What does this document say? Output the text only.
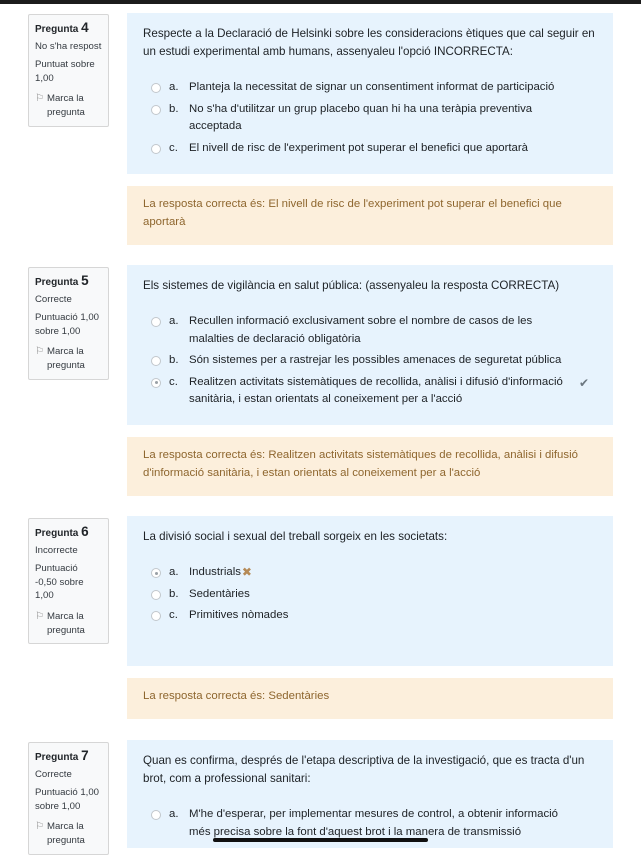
Pregunta 4
No s'ha respost
Puntuat sobre 1,00
⚐ Marca la pregunta

Respecte a la Declaració de Helsinki sobre les consideracions ètiques que cal seguir en un estudi experimental amb humans, assenyaleu l'opció INCORRECTA:

a. Planteja la necessitat de signar un consentiment informat de participació
b. No s'ha d'utilitzar un grup placebo quan hi ha una teràpia preventiva acceptada
c. El nivell de risc de l'experiment pot superar el benefici que aportarà
La resposta correcta és: El nivell de risc de l'experiment pot superar el benefici que aportarà
Pregunta 5
Correcte
Puntuació 1,00 sobre 1,00
⚐ Marca la pregunta

Els sistemes de vigilància en salut pública: (assenyaleu la resposta CORRECTA)

a. Recullen informació exclusivament sobre el nombre de casos de les malalties de declaració obligatòria
b. Són sistemes per a rastrejar les possibles amenaces de seguretat pública
c. Realitzen activitats sistemàtiques de recollida, anàlisi i difusió d'informació sanitària, i estan orientats al coneixement per a l'acció
✔
La resposta correcta és: Realitzen activitats sistemàtiques de recollida, anàlisi i difusió d'informació sanitària, i estan orientats al coneixement per a l'acció
Pregunta 6
Incorrecte
Puntuació -0,50 sobre 1,00
⚐ Marca la pregunta

La divisió social i sexual del treball sorgeix en les societats:

a. Industrials ✖
b. Sedentàries
c. Primitives nòmades
La resposta correcta és: Sedentàries
Pregunta 7
Correcte
Puntuació 1,00 sobre 1,00
⚐ Marca la pregunta

Quan es confirma, després de l'etapa descriptiva de la investigació, que es tracta d'un brot, com a professional sanitari:

a. M'he d'esperar, per implementar mesures de control, a obtenir informació més precisa sobre la font d'aquest brot i la manera de transmissió
